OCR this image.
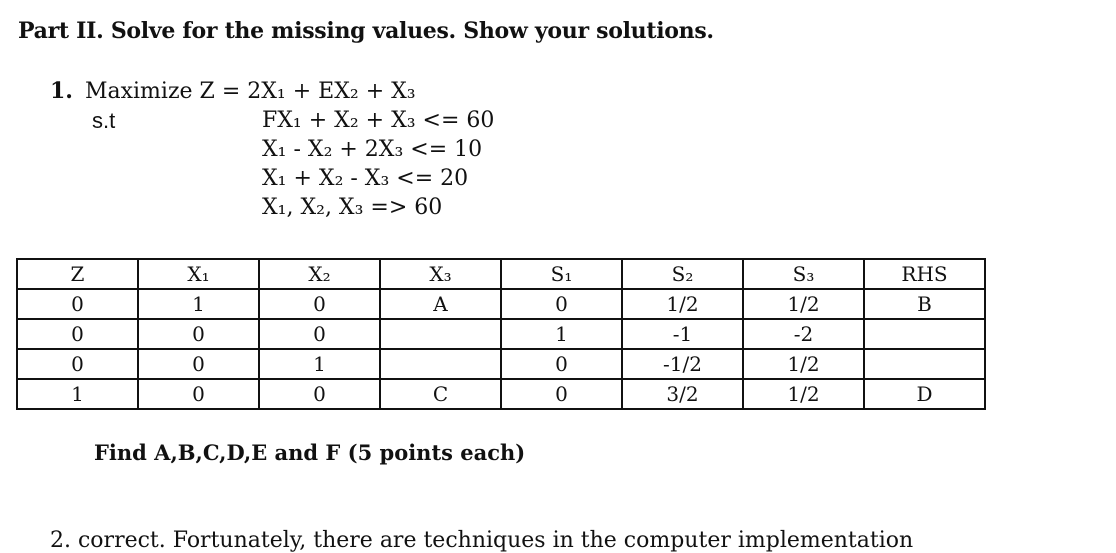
Part II. Solve for the missing values. Show your solutions.
1. Maximize Z = 2X₁ + EX₂ + X₃
s.t	FX₁ + X₂ + X₃ <= 60
X₁ - X₂ + 2X₃ <= 10
X₁ + X₂ - X₃ <= 20
X₁, X₂, X₃ => 60
Z	X₁	X₂	X₃	S₁	S₂	S₃	RHS
0	1	0	A	0	1/2	1/2	B
0	0	0		1	-1	-2	
0	0	1		0	-1/2	1/2	
1	0	0	C	0	3/2	1/2	D
Find A,B,C,D,E and F (5 points each)
2. correct. Fortunately, there are techniques in the computer implementation
